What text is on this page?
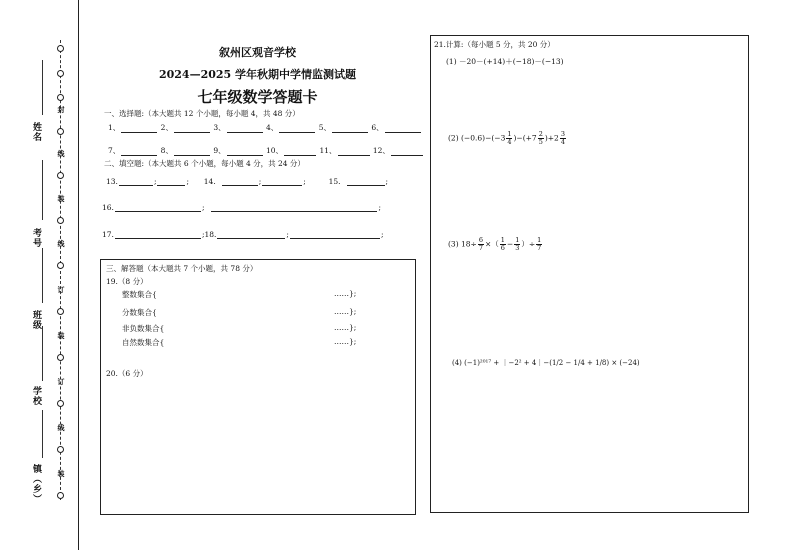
姓名
考号
班级
学校
镇（乡）
封
线
装
线
订
装
订
线
装
叙州区观音学校
2024—2025 学年秋期中学情监测试题
七年级数学答题卡
一、选择题:（本大题共 12 个小题，每小题 4，共 48 分）
1、	2、	3、	4、	5、	6、
7、	8、	9、	10、	11、	12、
二、填空题:（本大题共 6 个小题，每小题 4 分，共 24 分）
13.	;	; 14.	;	;	15.	;
16.	;	;
17.	;18.	;	;
三、解答题（本大题共 7 个小题，共 78 分）
19.（8 分）
整数集合{
分数集合{
非负数集合{
自然数集合{
……};
……};
……};
……};
20.（6 分）
21.计算:（每小题 5 分，共 20 分）
(1) －20－(+14)＋(−18)－(−13)
(2) $(-0.6)-(-3 \frac{1}{4} )-(+7 \frac{2}{5} )+2 \frac{3}{4}$
(3) $18\div \frac{6}{7}$ ×（ $\frac{1}{6} - \frac{1}{3}$ ）÷ $\frac{1}{7}$
(4) (−1)²⁰¹⁷ + ｜−2² + 4｜−(1/2 − 1/4 + 1/8) × (−24)
